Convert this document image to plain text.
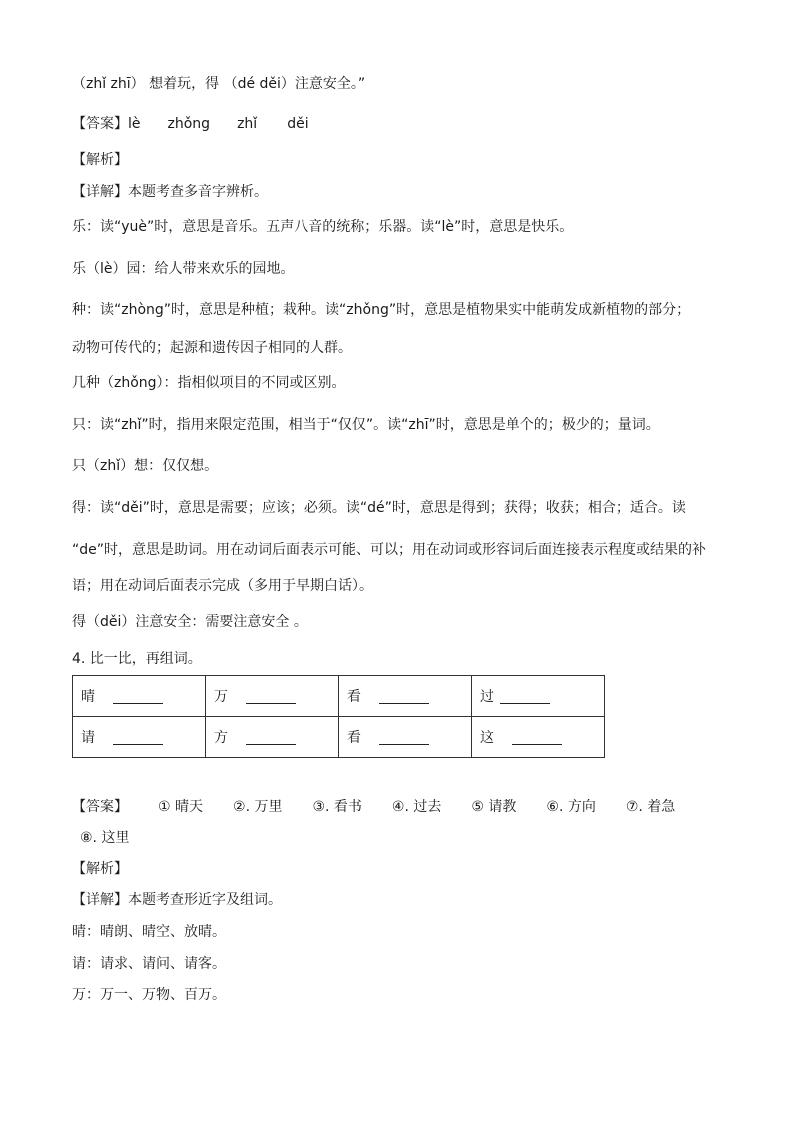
（zhǐ zhī） 想着玩，得 （dé děi）注意安全。”
【答案】lè zhǒng zhǐ děi
【解析】
【详解】本题考查多音字辨析。
乐：读“yuè”时，意思是音乐。五声八音的统称；乐器。读“lè”时，意思是快乐。
乐（lè）园：给人带来欢乐的园地。
种：读“zhòng”时，意思是种植；栽种。读“zhǒng”时，意思是植物果实中能萌发成新植物的部分；
动物可传代的；起源和遗传因子相同的人群。
几种（zhǒng）：指相似项目的不同或区别。
只：读“zhǐ”时，指用来限定范围，相当于“仅仅”。读“zhī”时，意思是单个的；极少的；量词。
只（zhǐ）想：仅仅想。
得：读“děi”时，意思是需要；应该；必须。读“dé”时，意思是得到；获得；收获；相合；适合。读
“de”时，意思是助词。用在动词后面表示可能、可以；用在动词或形容词后面连接表示程度或结果的补
语；用在动词后面表示完成（多用于早期白话）。
得（děi）注意安全：需要注意安全 。
4. 比一比，再组词。
晴	万	看	过
请	方	看	这
【答案】 ① 晴天 ②. 万里 ③. 看书 ④. 过去 ⑤ 请教 ⑥. 方向 ⑦. 着急
⑧. 这里
【解析】
【详解】本题考查形近字及组词。
晴：晴朗、晴空、放晴。
请：请求、请问、请客。
万：万一、万物、百万。
